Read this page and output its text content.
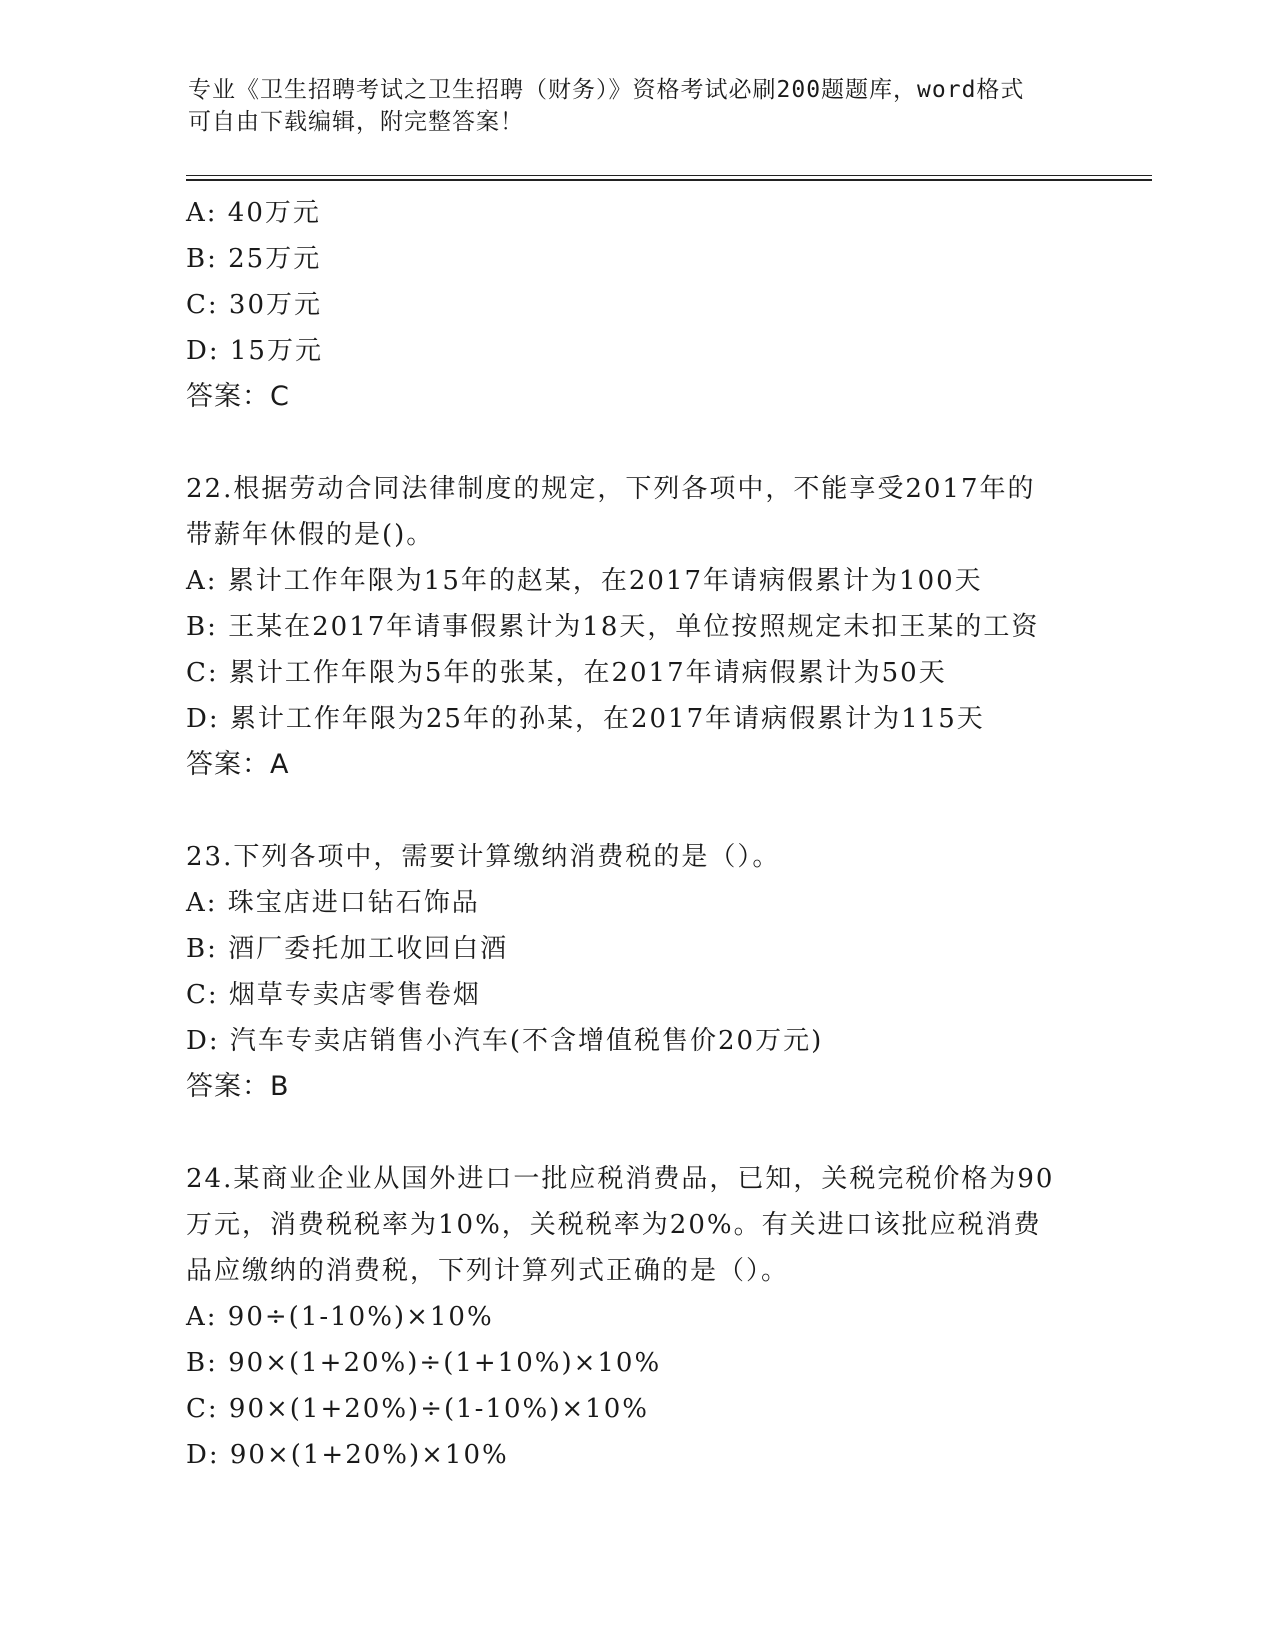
专业《卫生招聘考试之卫生招聘（财务）》资格考试必刷200题题库，word格式
可自由下载编辑，附完整答案！
A: 40万元
B: 25万元
C: 30万元
D: 15万元
答案：C
22.根据劳动合同法律制度的规定，下列各项中，不能享受2017年的
带薪年休假的是()。
A: 累计工作年限为15年的赵某，在2017年请病假累计为100天
B: 王某在2017年请事假累计为18天，单位按照规定未扣王某的工资
C: 累计工作年限为5年的张某，在2017年请病假累计为50天
D: 累计工作年限为25年的孙某，在2017年请病假累计为115天
答案：A
23.下列各项中，需要计算缴纳消费税的是（）。
A: 珠宝店进口钻石饰品
B: 酒厂委托加工收回白酒
C: 烟草专卖店零售卷烟
D: 汽车专卖店销售小汽车(不含增值税售价20万元)
答案：B
24.某商业企业从国外进口一批应税消费品，已知，关税完税价格为90
万元，消费税税率为10%，关税税率为20%。有关进口该批应税消费
品应缴纳的消费税，下列计算列式正确的是（）。
A: 90÷(1-10%)×10%
B: 90×(1+20%)÷(1+10%)×10%
C: 90×(1+20%)÷(1-10%)×10%
D: 90×(1+20%)×10%
